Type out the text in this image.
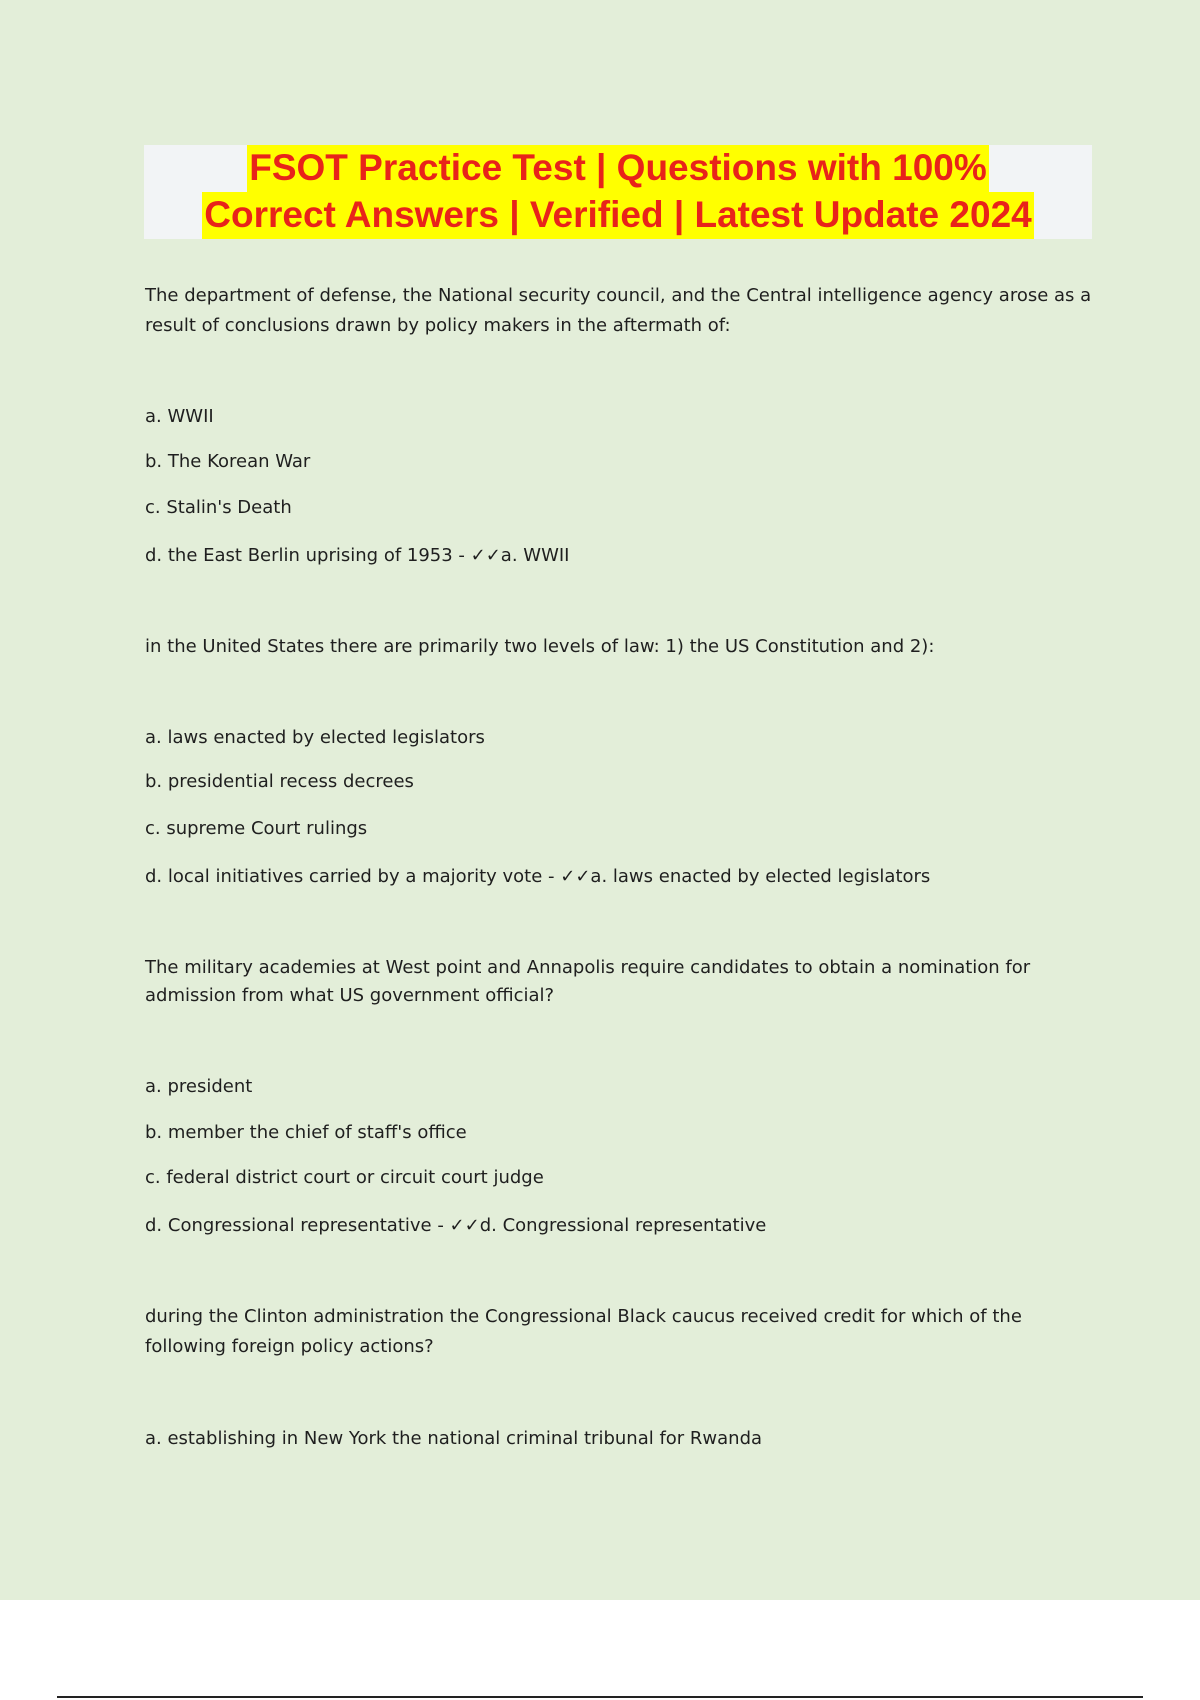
FSOT Practice Test | Questions with 100%
Correct Answers | Verified | Latest Update 2024
The department of defense, the National security council, and the Central intelligence agency arose as a
result of conclusions drawn by policy makers in the aftermath of:
a. WWII
b. The Korean War
c. Stalin's Death
d. the East Berlin uprising of 1953 - ✓✓a. WWII
in the United States there are primarily two levels of law: 1) the US Constitution and 2):
a. laws enacted by elected legislators
b. presidential recess decrees
c. supreme Court rulings
d. local initiatives carried by a majority vote - ✓✓a. laws enacted by elected legislators
The military academies at West point and Annapolis require candidates to obtain a nomination for
admission from what US government official?
a. president
b. member the chief of staff's office
c. federal district court or circuit court judge
d. Congressional representative - ✓✓d. Congressional representative
during the Clinton administration the Congressional Black caucus received credit for which of the
following foreign policy actions?
a. establishing in New York the national criminal tribunal for Rwanda
